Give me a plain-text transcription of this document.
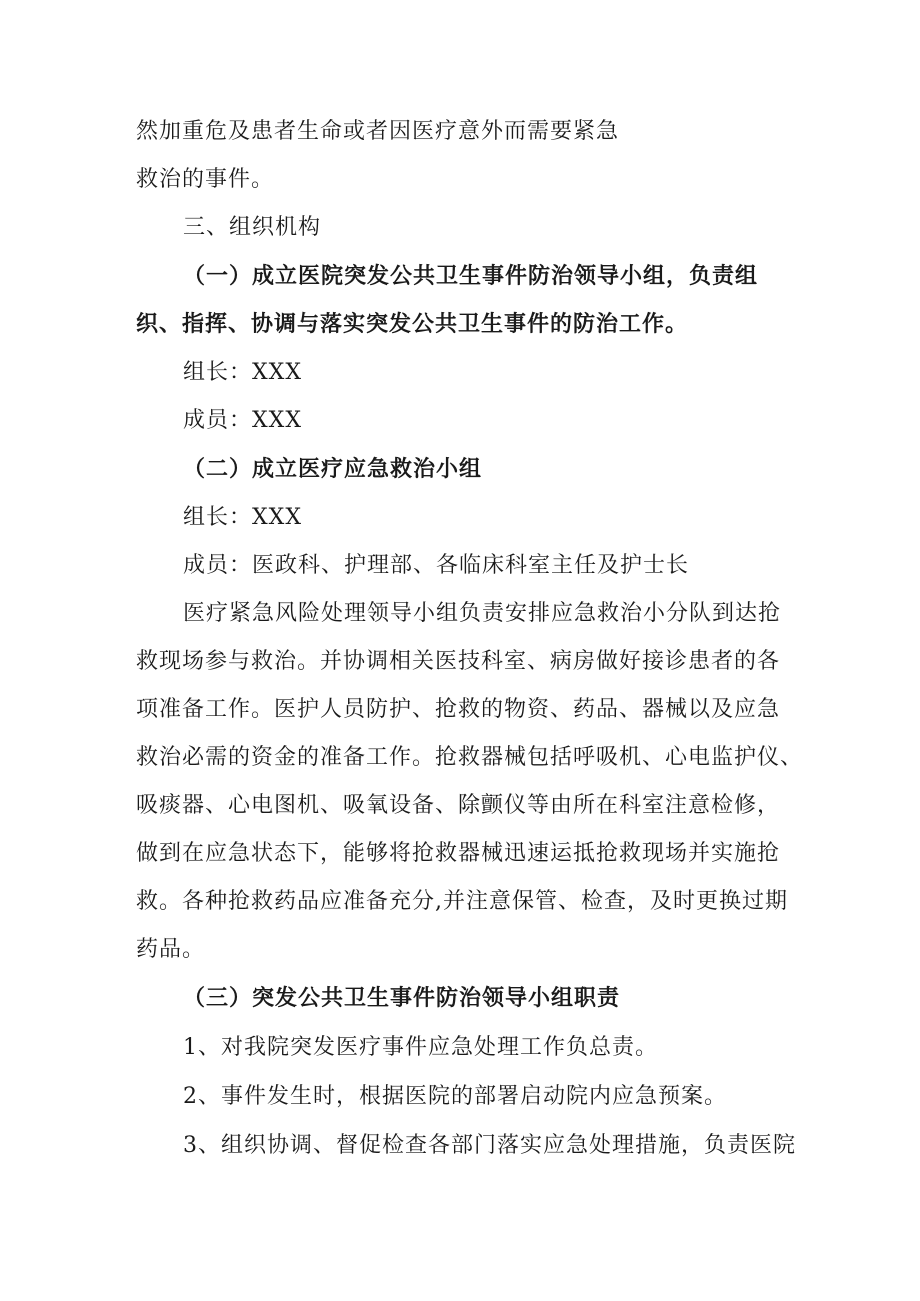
然加重危及患者生命或者因医疗意外而需要紧急
救治的事件。
三、组织机构
（一）成立医院突发公共卫生事件防治领导小组，负责组
织、指挥、协调与落实突发公共卫生事件的防治工作。
组长：XXX
成员：XXX
（二）成立医疗应急救治小组
组长：XXX
成员：医政科、护理部、各临床科室主任及护士长
医疗紧急风险处理领导小组负责安排应急救治小分队到达抢
救现场参与救治。并协调相关医技科室、病房做好接诊患者的各
项准备工作。医护人员防护、抢救的物资、药品、器械以及应急
救治必需的资金的准备工作。抢救器械包括呼吸机、心电监护仪、
吸痰器、心电图机、吸氧设备、除颤仪等由所在科室注意检修，
做到在应急状态下，能够将抢救器械迅速运抵抢救现场并实施抢
救。各种抢救药品应准备充分,并注意保管、检查，及时更换过期
药品。
（三）突发公共卫生事件防治领导小组职责
1、对我院突发医疗事件应急处理工作负总责。
2、事件发生时，根据医院的部署启动院内应急预案。
3、组织协调、督促检查各部门落实应急处理措施，负责医院
